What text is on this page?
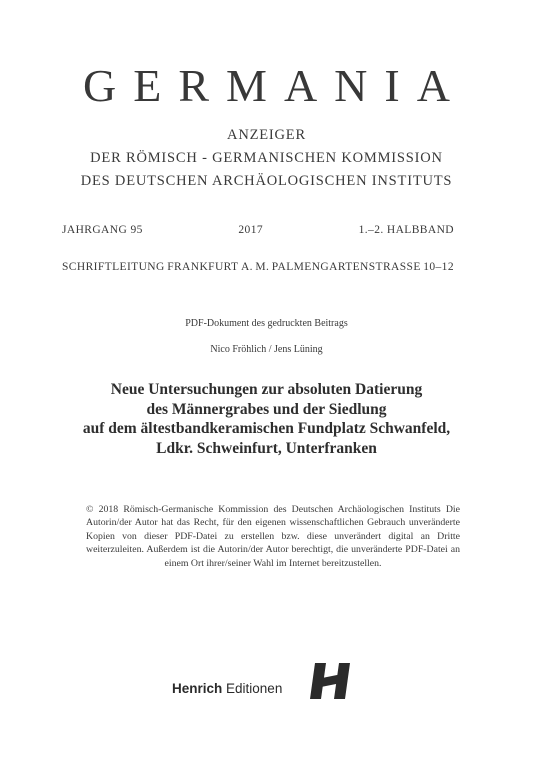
GERMANIA
ANZEIGER
DER RÖMISCH - GERMANISCHEN KOMMISSION
DES DEUTSCHEN ARCHÄOLOGISCHEN INSTITUTS
JAHRGANG 95	2017	1.–2. HALBBAND
SCHRIFTLEITUNG FRANKFURT A. M. PALMENGARTENSTRASSE 10–12
PDF-Dokument des gedruckten Beitrags
Nico Fröhlich / Jens Lüning
Neue Untersuchungen zur absoluten Datierung
des Männergrabes und der Siedlung
auf dem ältestbandkeramischen Fundplatz Schwanfeld,
Ldkr. Schweinfurt, Unterfranken
© 2018 Römisch-Germanische Kommission des Deutschen Archäologischen Instituts Die Autorin/der Autor hat das Recht, für den eigenen wissenschaftlichen Gebrauch unveränderte Kopien von dieser PDF-Datei zu erstellen bzw. diese unverändert digital an Dritte weiterzuleiten. Außerdem ist die Autorin/der Autor berechtigt, die unveränderte PDF-Datei an einem Ort ihrer/seiner Wahl im Internet bereitzustellen.
Henrich Editionen
